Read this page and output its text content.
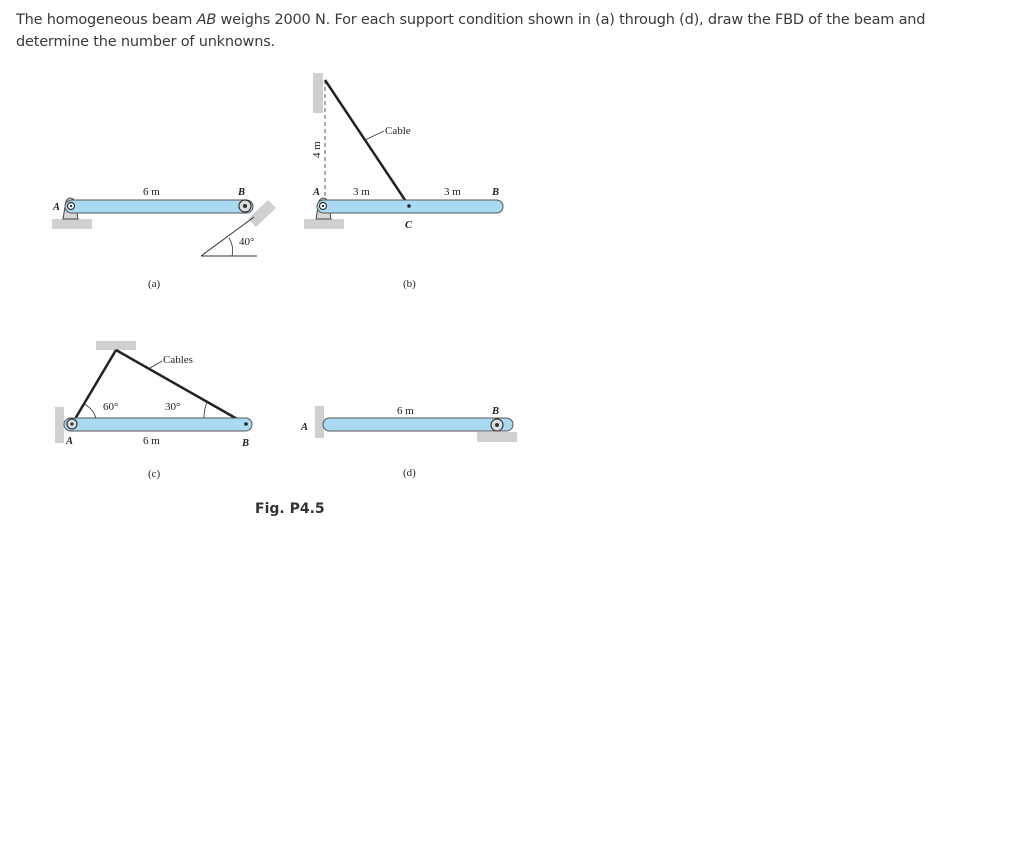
The homogeneous beam AB weighs 2000 N. For each support condition shown in (a) through (d), draw the FBD of the beam and determine the number of unknowns.
A
B
6 m
40°
(a)
4 m
Cable
A	B
C
3 m	3 m
(b)
Cables
60°	30°
A	B
6 m
(c)
A
B
6 m
(d)
Fig. P4.5
